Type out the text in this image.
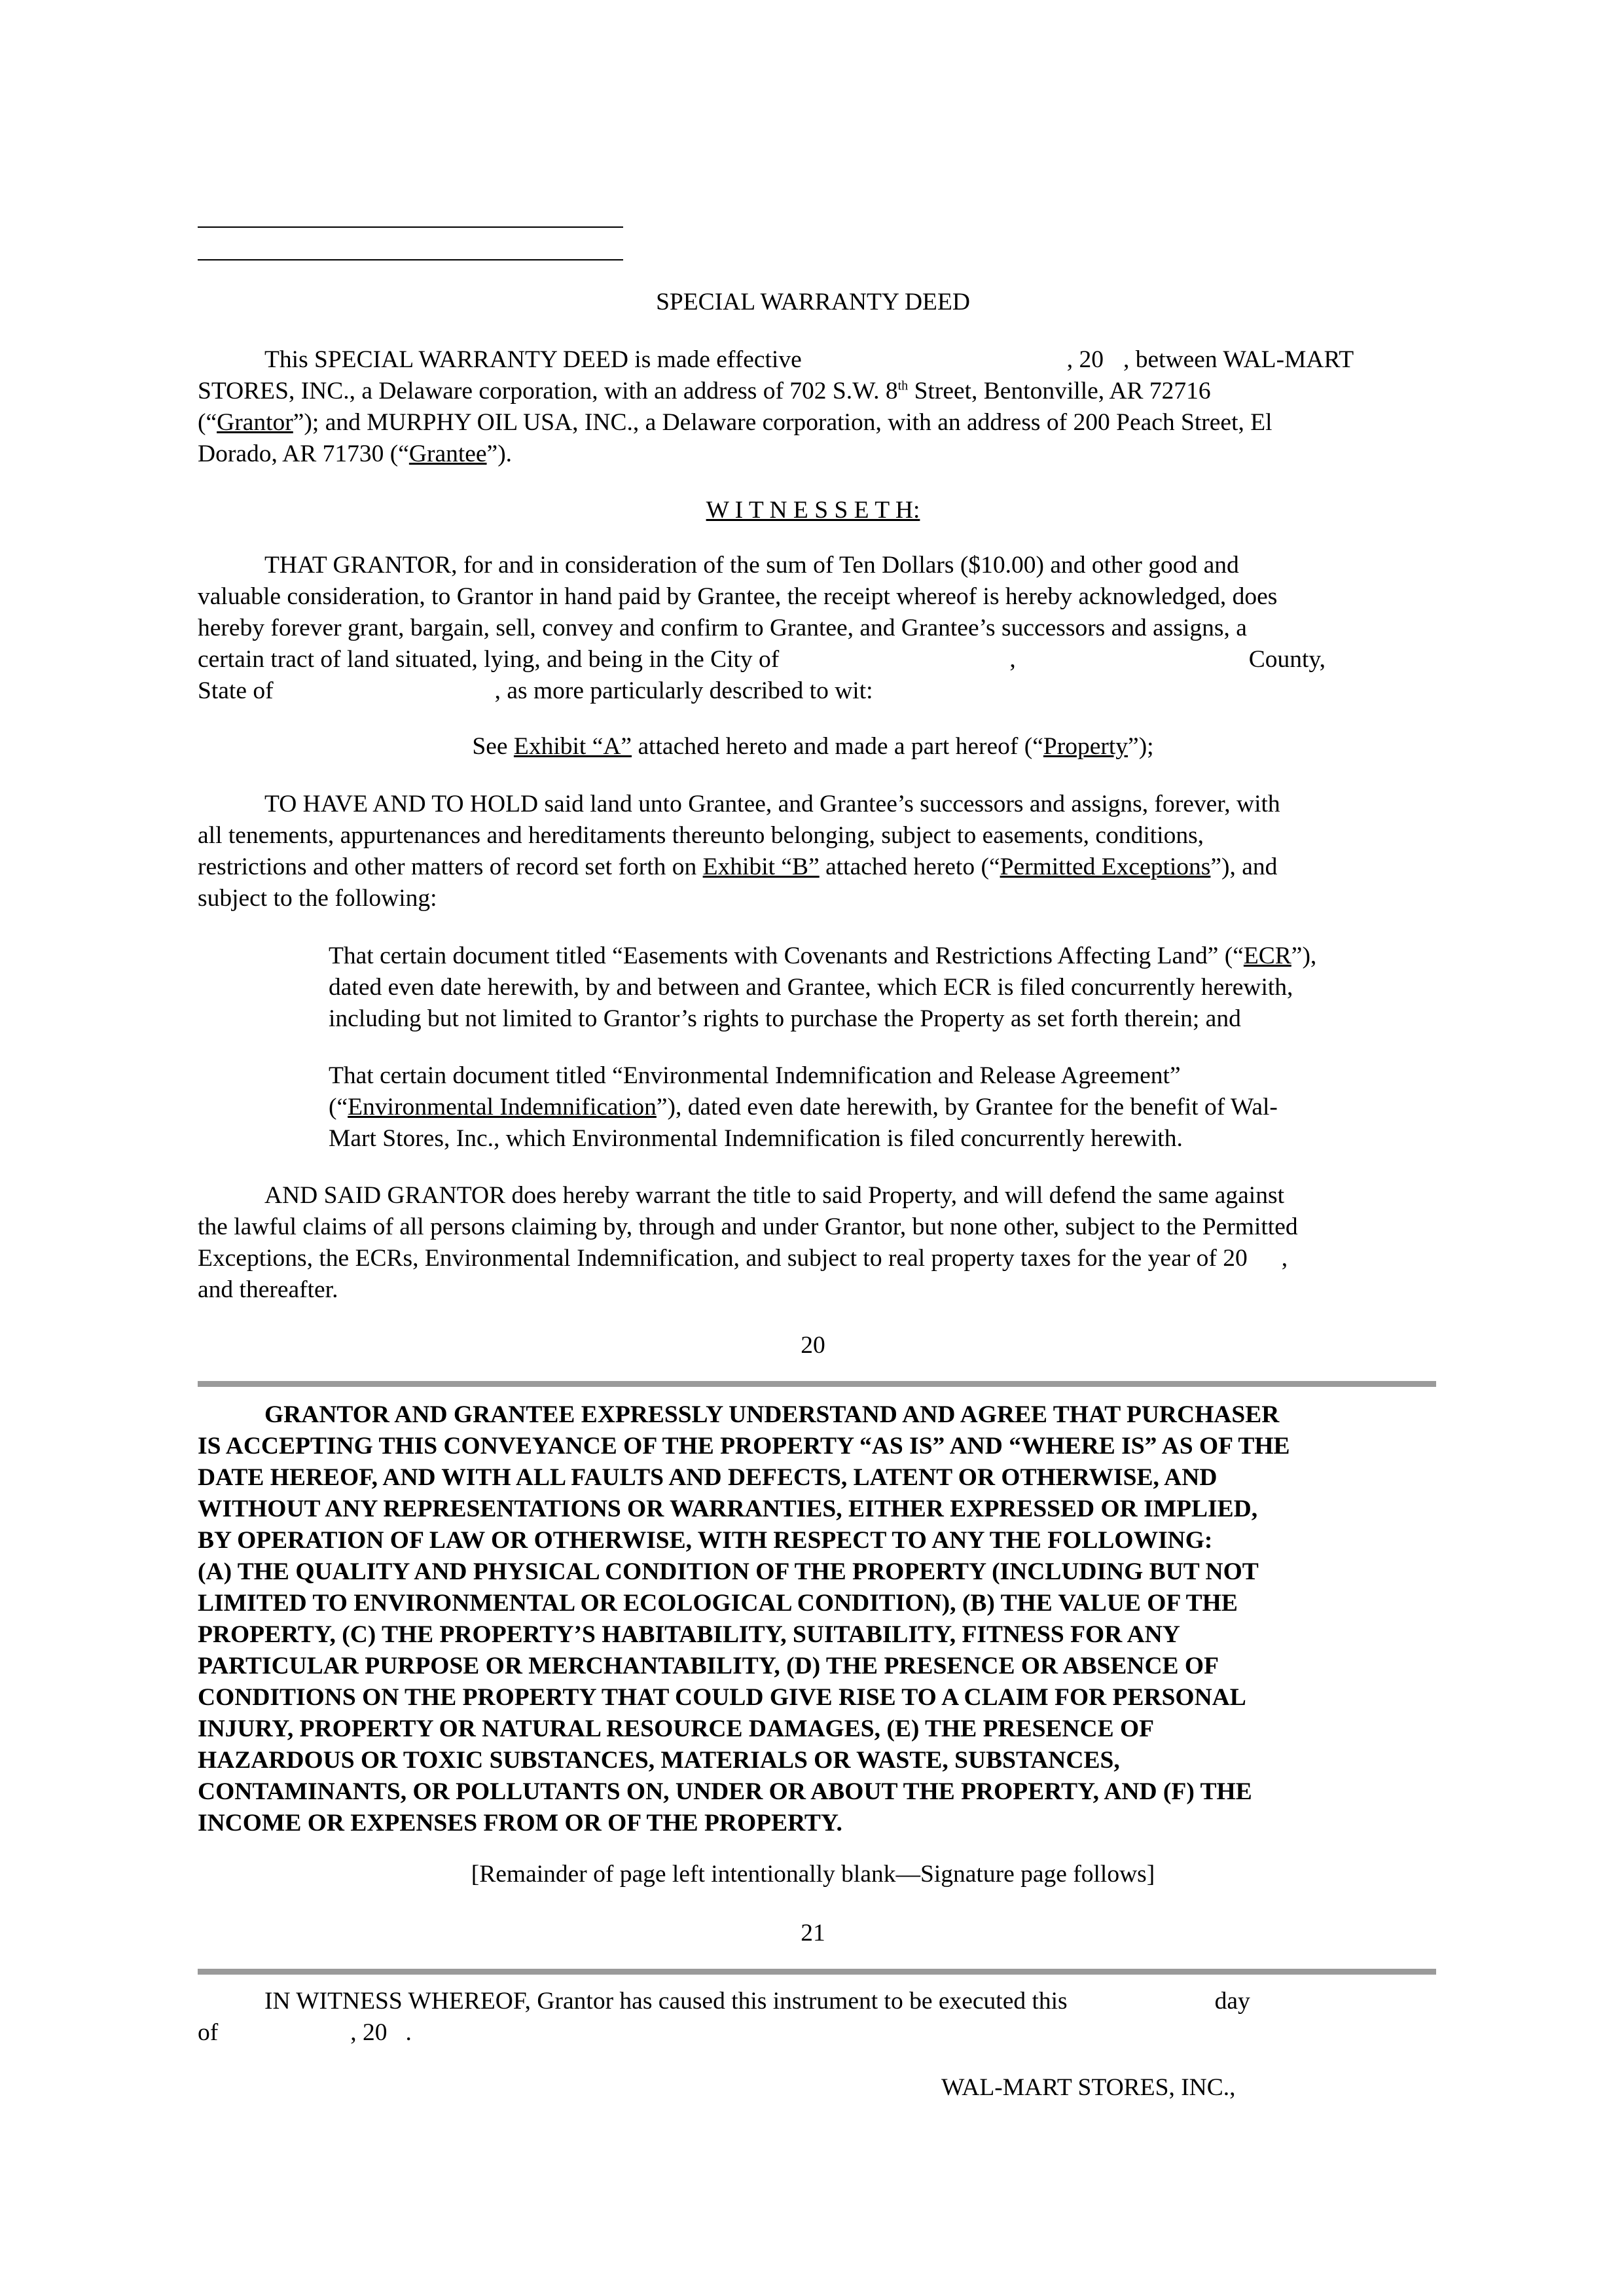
SPECIAL WARRANTY DEED

This SPECIAL WARRANTY DEED is made effective	, 20 , between WAL-MART
STORES, INC., a Delaware corporation, with an address of 702 S.W. 8th Street, Bentonville, AR 72716
(“Grantor”); and MURPHY OIL USA, INC., a Delaware corporation, with an address of 200 Peach Street, El
Dorado, AR 71730 (“Grantee”).

W I T N E S S E T H:

THAT GRANTOR, for and in consideration of the sum of Ten Dollars ($10.00) and other good and
valuable consideration, to Grantor in hand paid by Grantee, the receipt whereof is hereby acknowledged, does
hereby forever grant, bargain, sell, convey and confirm to Grantee, and Grantee’s successors and assigns, a
certain tract of land situated, lying, and being in the City of	,	County,
State of	, as more particularly described to wit:

See Exhibit “A” attached hereto and made a part hereof (“Property”);

TO HAVE AND TO HOLD said land unto Grantee, and Grantee’s successors and assigns, forever, with
all tenements, appurtenances and hereditaments thereunto belonging, subject to easements, conditions,
restrictions and other matters of record set forth on Exhibit “B” attached hereto (“Permitted Exceptions”), and
subject to the following:

That certain document titled “Easements with Covenants and Restrictions Affecting Land” (“ECR”),
dated even date herewith, by and between and Grantee, which ECR is filed concurrently herewith,
including but not limited to Grantor’s rights to purchase the Property as set forth therein; and

That certain document titled “Environmental Indemnification and Release Agreement”
(“Environmental Indemnification”), dated even date herewith, by Grantee for the benefit of Wal-
Mart Stores, Inc., which Environmental Indemnification is filed concurrently herewith.

AND SAID GRANTOR does hereby warrant the title to said Property, and will defend the same against
the lawful claims of all persons claiming by, through and under Grantor, but none other, subject to the Permitted
Exceptions, the ECRs, Environmental Indemnification, and subject to real property taxes for the year of 20 ,
and thereafter.

20

GRANTOR AND GRANTEE EXPRESSLY UNDERSTAND AND AGREE THAT PURCHASER

IS ACCEPTING THIS CONVEYANCE OF THE PROPERTY “AS IS” AND “WHERE IS” AS OF THE

DATE HEREOF, AND WITH ALL FAULTS AND DEFECTS, LATENT OR OTHERWISE, AND

WITHOUT ANY REPRESENTATIONS OR WARRANTIES, EITHER EXPRESSED OR IMPLIED,

BY OPERATION OF LAW OR OTHERWISE, WITH RESPECT TO ANY THE FOLLOWING:

(A) THE QUALITY AND PHYSICAL CONDITION OF THE PROPERTY (INCLUDING BUT NOT

LIMITED TO ENVIRONMENTAL OR ECOLOGICAL CONDITION), (B) THE VALUE OF THE

PROPERTY, (C) THE PROPERTY’S HABITABILITY, SUITABILITY, FITNESS FOR ANY

PARTICULAR PURPOSE OR MERCHANTABILITY, (D) THE PRESENCE OR ABSENCE OF

CONDITIONS ON THE PROPERTY THAT COULD GIVE RISE TO A CLAIM FOR PERSONAL

INJURY, PROPERTY OR NATURAL RESOURCE DAMAGES, (E) THE PRESENCE OF

HAZARDOUS OR TOXIC SUBSTANCES, MATERIALS OR WASTE, SUBSTANCES,

CONTAMINANTS, OR POLLUTANTS ON, UNDER OR ABOUT THE PROPERTY, AND (F) THE

INCOME OR EXPENSES FROM OR OF THE PROPERTY.

[Remainder of page left intentionally blank—Signature page follows]

21

IN WITNESS WHEREOF, Grantor has caused this instrument to be executed this	day
of	, 20 .

WAL-MART STORES, INC.,
